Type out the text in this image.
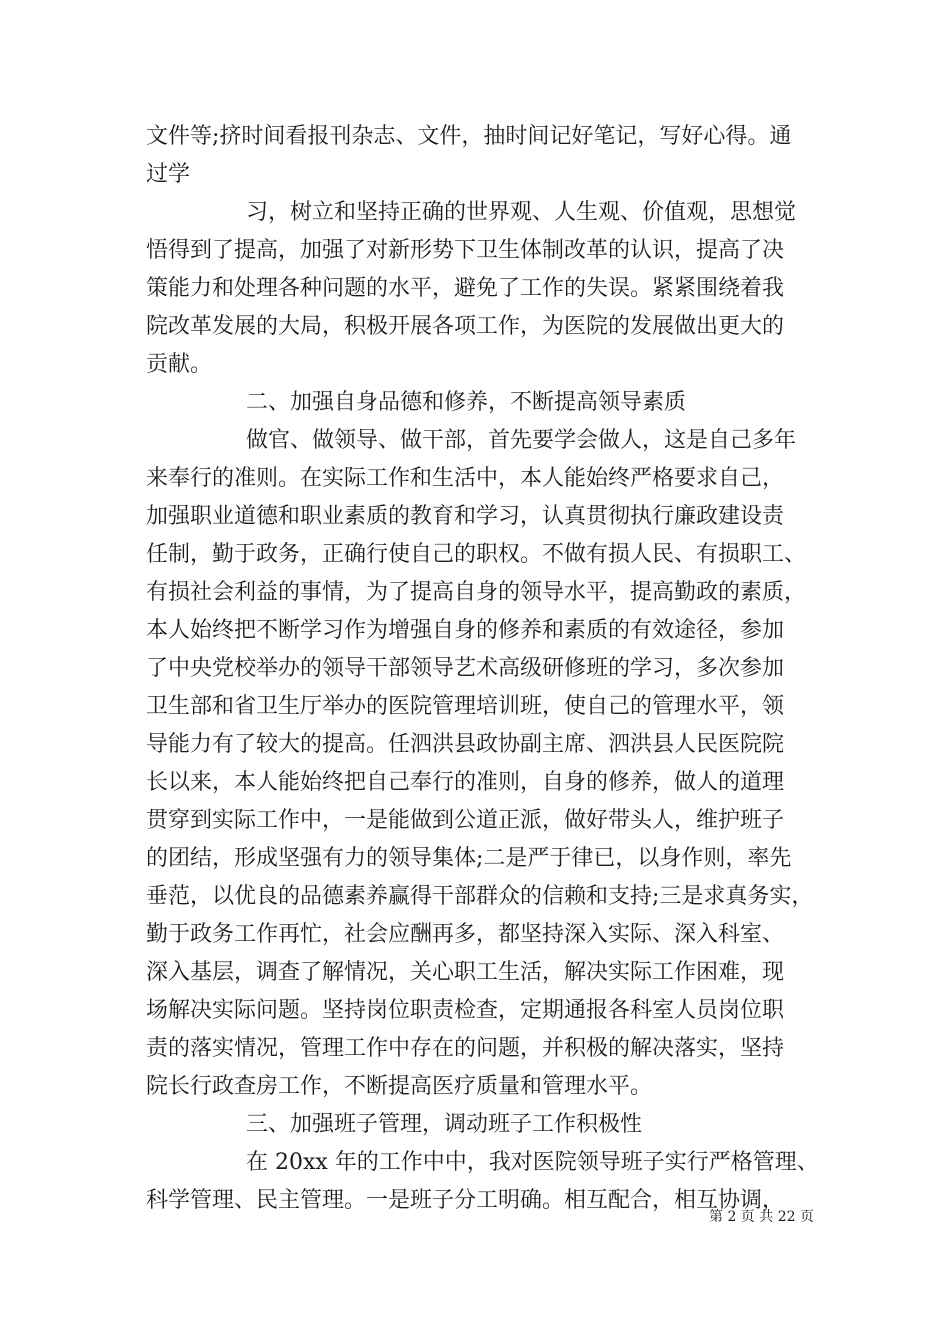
文件等;挤时间看报刊杂志、文件，抽时间记好笔记，写好心得。通
过学
习，树立和坚持正确的世界观、人生观、价值观，思想觉
悟得到了提高，加强了对新形势下卫生体制改革的认识，提高了决
策能力和处理各种问题的水平，避免了工作的失误。紧紧围绕着我
院改革发展的大局，积极开展各项工作，为医院的发展做出更大的
贡献。
二、加强自身品德和修养，不断提高领导素质
做官、做领导、做干部，首先要学会做人，这是自己多年
来奉行的准则。在实际工作和生活中，本人能始终严格要求自己，
加强职业道德和职业素质的教育和学习，认真贯彻执行廉政建设责
任制，勤于政务，正确行使自己的职权。不做有损人民、有损职工、
有损社会利益的事情，为了提高自身的领导水平，提高勤政的素质，
本人始终把不断学习作为增强自身的修养和素质的有效途径，参加
了中央党校举办的领导干部领导艺术高级研修班的学习，多次参加
卫生部和省卫生厅举办的医院管理培训班，使自己的管理水平，领
导能力有了较大的提高。任泗洪县政协副主席、泗洪县人民医院院
长以来，本人能始终把自己奉行的准则，自身的修养，做人的道理
贯穿到实际工作中，一是能做到公道正派，做好带头人，维护班子
的团结，形成坚强有力的领导集体;二是严于律已，以身作则，率先
垂范，以优良的品德素养赢得干部群众的信赖和支持;三是求真务实，
勤于政务工作再忙，社会应酬再多，都坚持深入实际、深入科室、
深入基层，调查了解情况，关心职工生活，解决实际工作困难，现
场解决实际问题。坚持岗位职责检查，定期通报各科室人员岗位职
责的落实情况，管理工作中存在的问题，并积极的解决落实，坚持
院长行政查房工作，不断提高医疗质量和管理水平。
三、加强班子管理，调动班子工作积极性
在 20xx 年的工作中中，我对医院领导班子实行严格管理、
科学管理、民主管理。一是班子分工明确。相互配合，相互协调，
第 2 页 共 22 页
